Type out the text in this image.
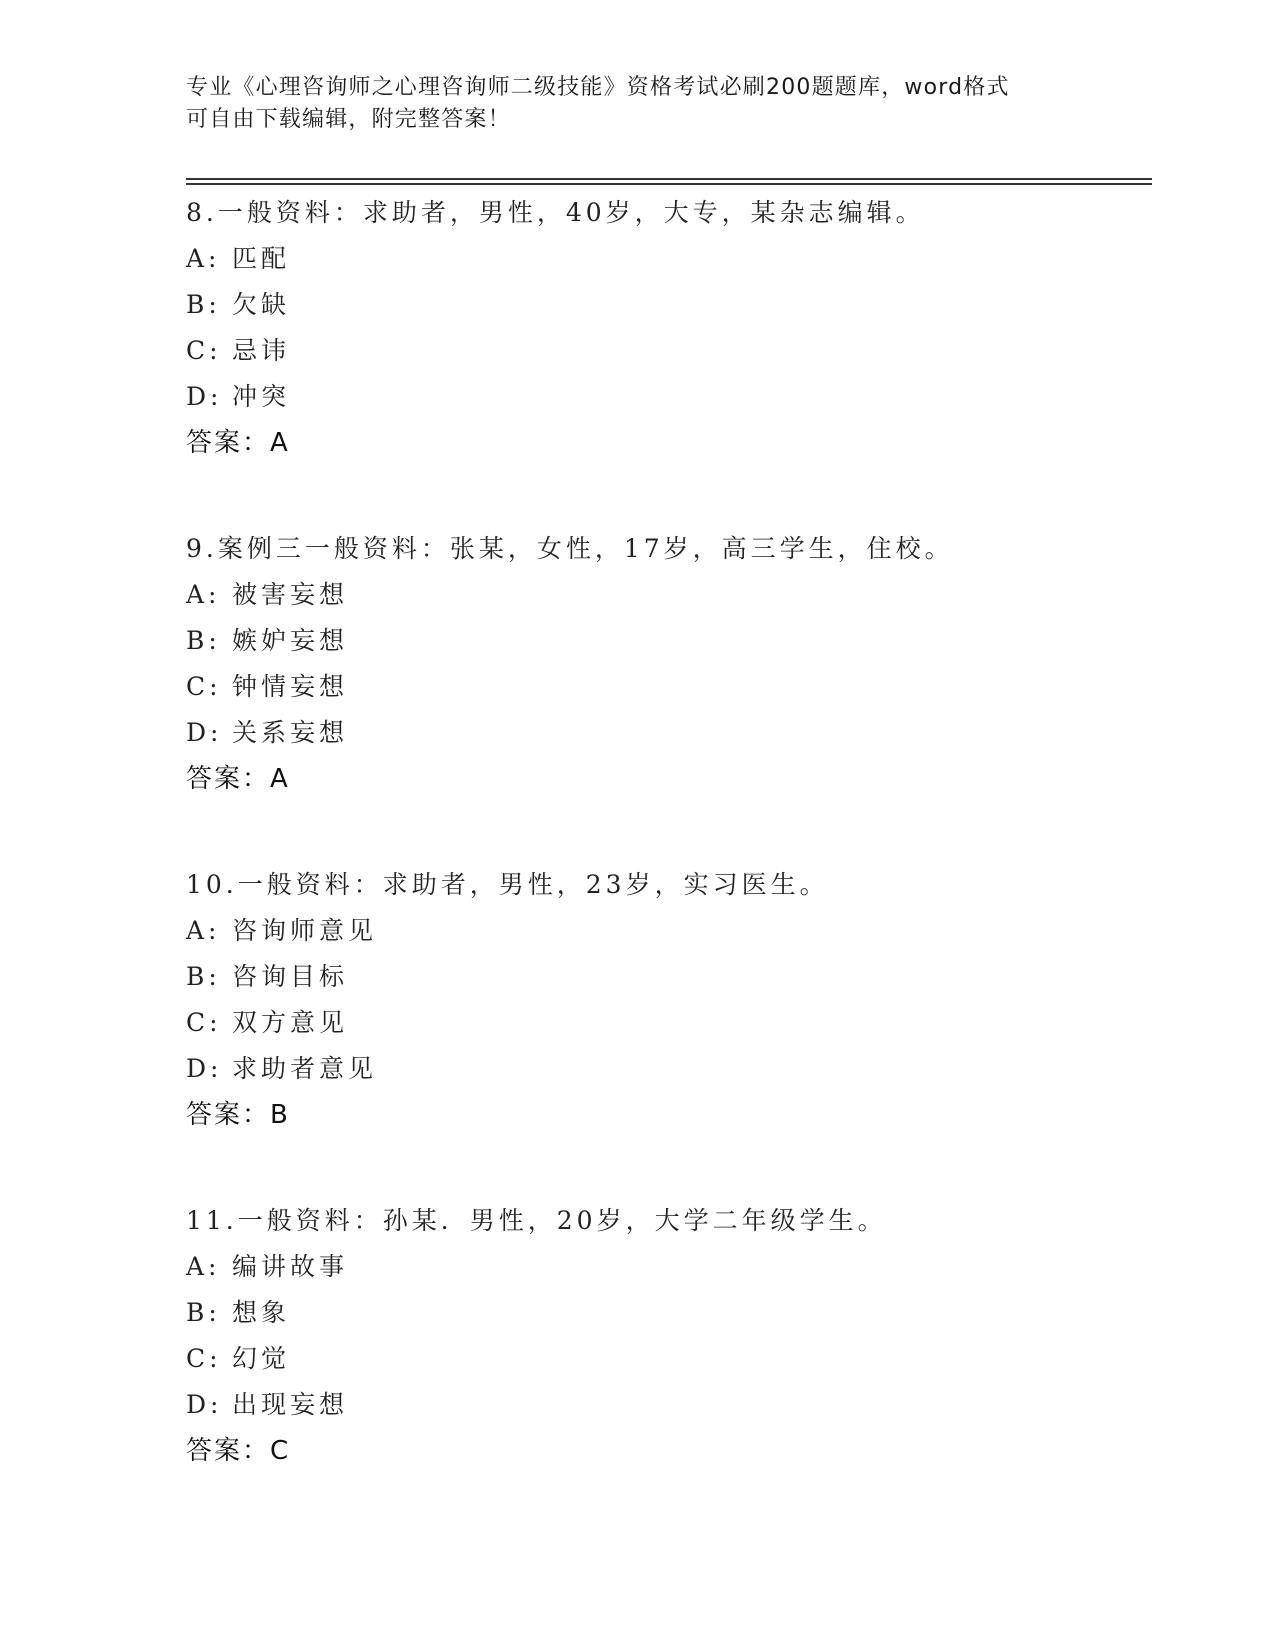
专业《心理咨询师之心理咨询师二级技能》资格考试必刷200题题库，word格式
可自由下载编辑，附完整答案！
8.一般资料：求助者，男性，40岁，大专，某杂志编辑。
A: 匹配
B: 欠缺
C: 忌讳
D: 冲突
答案：A
9.案例三一般资料：张某，女性，17岁，高三学生，住校。
A: 被害妄想
B: 嫉妒妄想
C: 钟情妄想
D: 关系妄想
答案：A
10.一般资料：求助者，男性，23岁，实习医生。
A: 咨询师意见
B: 咨询目标
C: 双方意见
D: 求助者意见
答案：B
11.一般资料：孙某．男性，20岁，大学二年级学生。
A: 编讲故事
B: 想象
C: 幻觉
D: 出现妄想
答案：C
